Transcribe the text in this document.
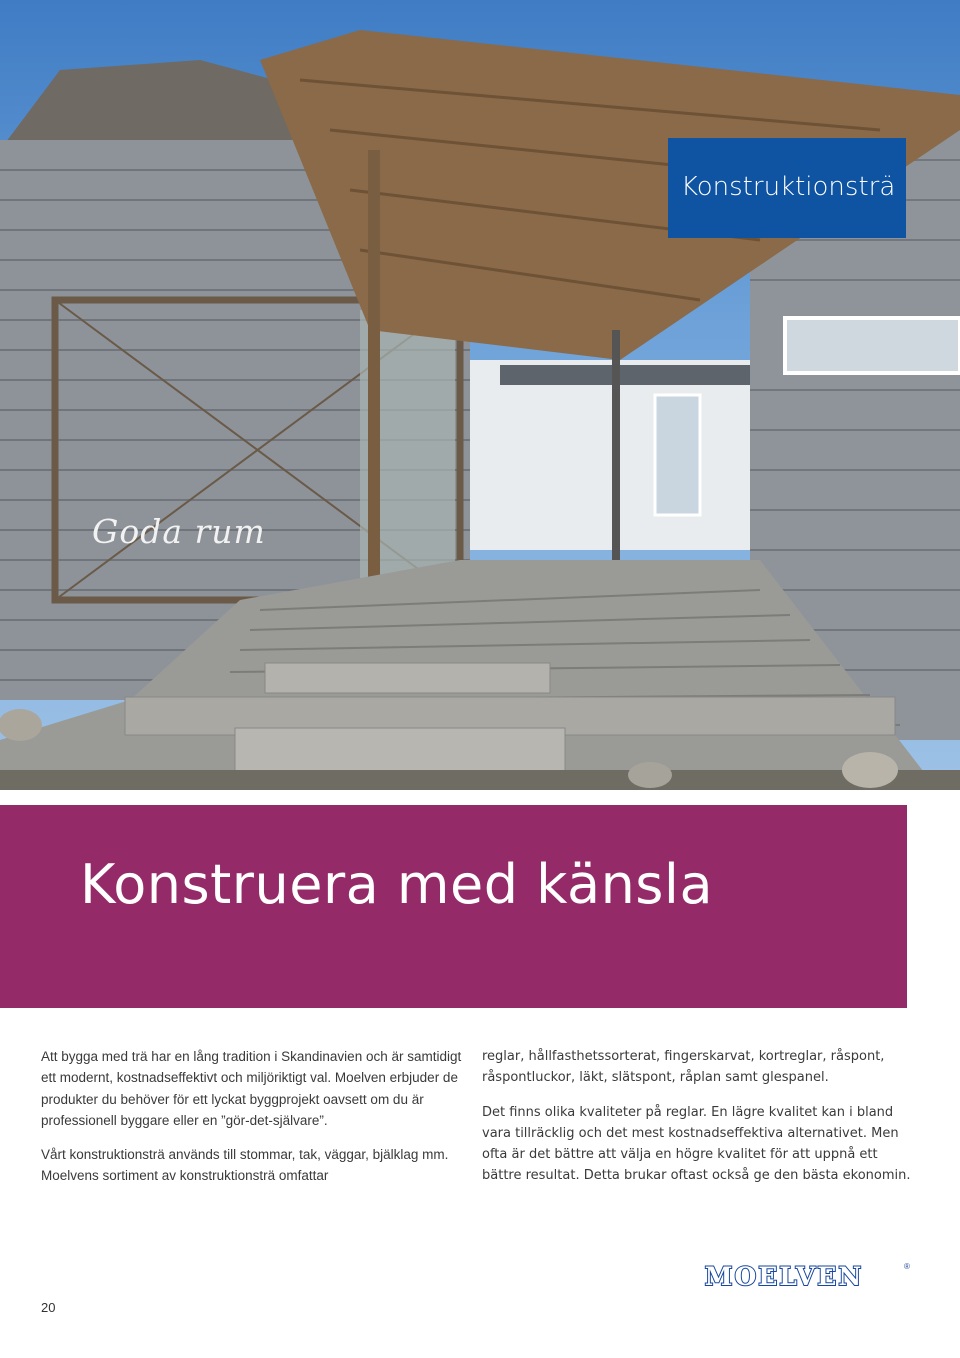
Konstruktionsträ
Goda rum
Konstruera med känsla

Att bygga med trä har en lång tradition i Skandinavien och är samtidigt ett modernt, kostnadseffektivt och miljöriktigt val. Moelven erbjuder de produkter du behöver för ett lyckat byggprojekt oavsett om du är professionell byggare eller en ”gör-det-självare”.

Vårt konstruktionsträ används till stommar, tak, väggar, bjälklag mm. Moelvens sortiment av konstruktionsträ omfattar

reglar, hållfasthetssorterat, fingerskarvat, kortreglar, råspont, råspontluckor, läkt, slätspont, råplan samt glespanel.

Det finns olika kvaliteter på reglar. En lägre kvalitet kan i bland vara tillräcklig och det mest kostnadseffektiva alternativet. Men ofta är det bättre att välja en högre kvalitet för att uppnå ett bättre resultat. Detta brukar oftast också ge den bästa ekonomin.

20
MOELVEN	®
